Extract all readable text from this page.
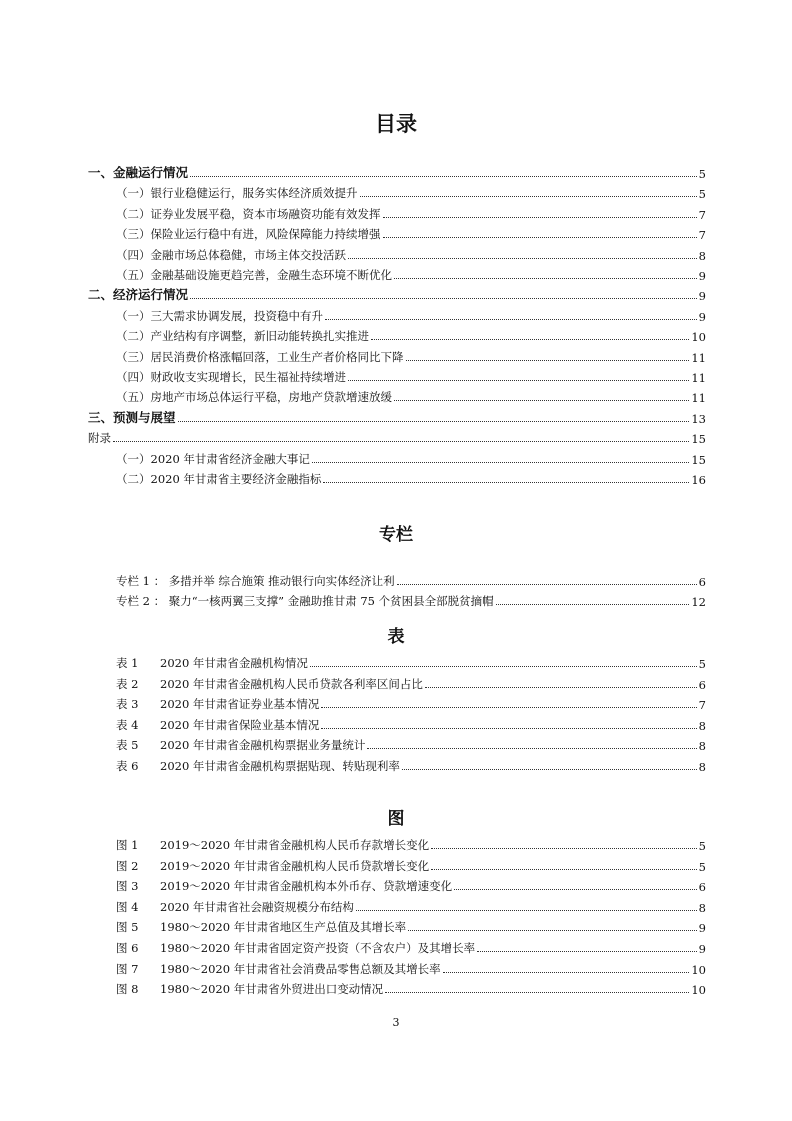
目录
一、金融运行情况	5
（一）银行业稳健运行，服务实体经济质效提升	5
（二）证券业发展平稳，资本市场融资功能有效发挥	7
（三）保险业运行稳中有进，风险保障能力持续增强	7
（四）金融市场总体稳健，市场主体交投活跃	8
（五）金融基础设施更趋完善，金融生态环境不断优化	9
二、经济运行情况	9
（一）三大需求协调发展，投资稳中有升	9
（二）产业结构有序调整，新旧动能转换扎实推进	10
（三）居民消费价格涨幅回落，工业生产者价格同比下降	11
（四）财政收支实现增长，民生福祉持续增进	11
（五）房地产市场总体运行平稳，房地产贷款增速放缓	11
三、预测与展望	13
附录	15
（一）2020 年甘肃省经济金融大事记	15
（二）2020 年甘肃省主要经济金融指标	16
专栏
专栏 1 ： 多措并举 综合施策 推动银行向实体经济让利	6
专栏 2 ： 聚力“一核两翼三支撑” 金融助推甘肃 75 个贫困县全部脱贫摘帽	12
表
表 1 2020 年甘肃省金融机构情况	5
表 2 2020 年甘肃省金融机构人民币贷款各利率区间占比	6
表 3 2020 年甘肃省证券业基本情况	7
表 4 2020 年甘肃省保险业基本情况	8
表 5 2020 年甘肃省金融机构票据业务量统计	8
表 6 2020 年甘肃省金融机构票据贴现、转贴现利率	8
图
图 1 2019～2020 年甘肃省金融机构人民币存款增长变化	5
图 2 2019～2020 年甘肃省金融机构人民币贷款增长变化	5
图 3 2019～2020 年甘肃省金融机构本外币存、贷款增速变化	6
图 4 2020 年甘肃省社会融资规模分布结构	8
图 5 1980～2020 年甘肃省地区生产总值及其增长率	9
图 6 1980～2020 年甘肃省固定资产投资（不含农户）及其增长率	9
图 7 1980～2020 年甘肃省社会消费品零售总额及其增长率	10
图 8 1980～2020 年甘肃省外贸进出口变动情况	10
3
